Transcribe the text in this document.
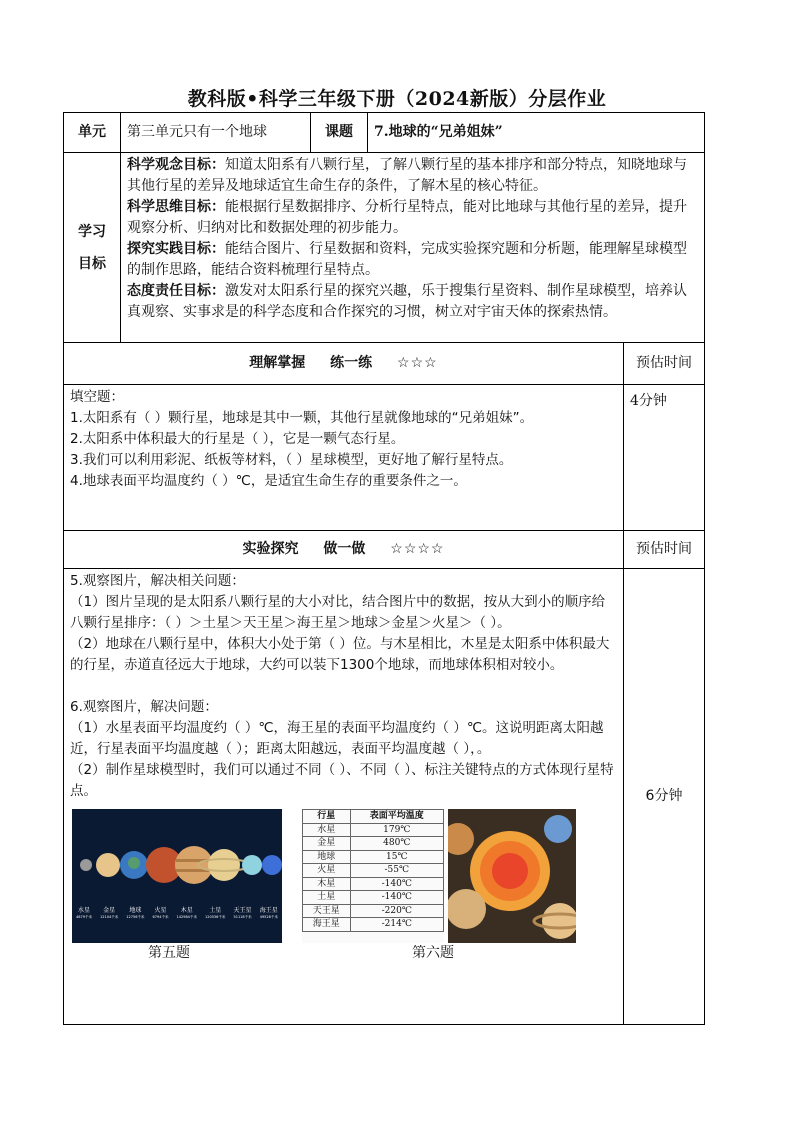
教科版•科学三年级下册（2024新版）分层作业
单元	第三单元只有一个地球	课题	7.地球的“兄弟姐妹”

学习
目标

科学观念目标：知道太阳系有八颗行星，了解八颗行星的基本排序和部分特点，知晓地球与其他行星的差异及地球适宜生命生存的条件，了解木星的核心特征。

科学思维目标：能根据行星数据排序、分析行星特点，能对比地球与其他行星的差异，提升观察分析、归纳对比和数据处理的初步能力。

探究实践目标：能结合图片、行星数据和资料，完成实验探究题和分析题，能理解星球模型的制作思路，能结合资料梳理行星特点。

态度责任目标：激发对太阳系行星的探究兴趣，乐于搜集行星资料、制作星球模型，培养认真观察、实事求是的科学态度和合作探究的习惯，树立对宇宙天体的探索热情。

理解掌握 练一练 ☆☆☆	预估时间

填空题：

1.太阳系有（ ）颗行星，地球是其中一颗，其他行星就像地球的“兄弟姐妹”。

2.太阳系中体积最大的行星是（ ），它是一颗气态行星。

3.我们可以利用彩泥、纸板等材料，（ ）星球模型，更好地了解行星特点。

4.地球表面平均温度约（ ）℃，是适宜生命生存的重要条件之一。

	4分钟
实验探究 做一做 ☆☆☆☆	预估时间

5.观察图片，解决相关问题：

（1）图片呈现的是太阳系八颗行星的大小对比，结合图片中的数据，按从大到小的顺序给八颗行星排序：（ ）＞土星＞天王星＞海王星＞地球＞金星＞火星＞（ ）。

（2）地球在八颗行星中，体积大小处于第（ ）位。与木星相比，木星是太阳系中体积最大的行星，赤道直径远大于地球，大约可以装下1300个地球，而地球体积相对较小。

6.观察图片，解决问题：

（1）水星表面平均温度约（ ）℃，海王星的表面平均温度约（ ）℃。这说明距离太阳越近，行星表面平均温度越（ ）；距离太阳越远，表面平均温度越（ ），。

（2）制作星球模型时，我们可以通过不同（ ）、不同（ ）、标注关键特点的方式体现行星特点。

水星
4879千米
金星
12104千米
地球
12756千米
火星
6794千米
木星
142984千米
土星
120536千米
天王星
51118千米
海王星
49528千米
行星	表面平均温度
水星	179℃
金星	480℃
地球	15℃
火星	-55℃
木星	-140℃
土星	-140℃
天王星	-220℃
海王星	-214℃
第五题	第六题
	6分钟
